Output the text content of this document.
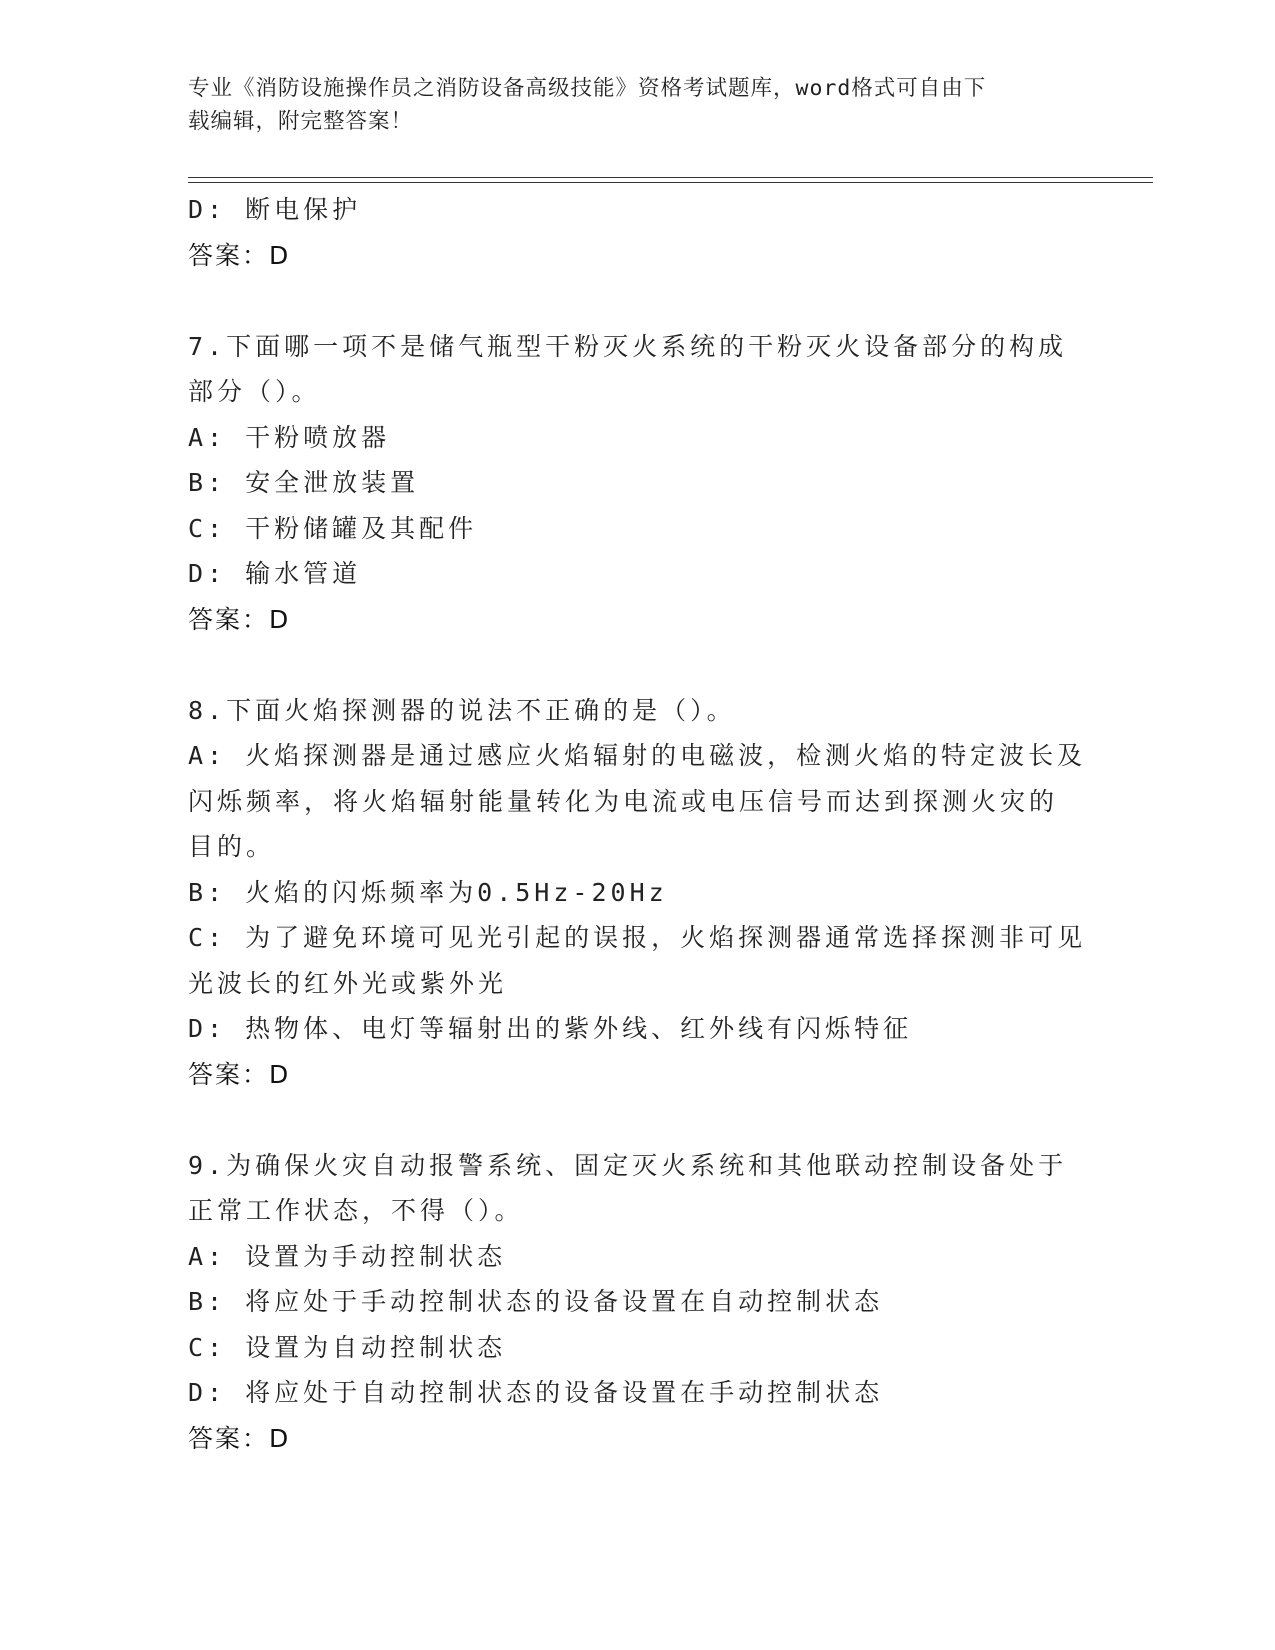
专业《消防设施操作员之消防设备高级技能》资格考试题库，word格式可自由下
载编辑，附完整答案！
D: 断电保护
答案：D
7.下面哪一项不是储气瓶型干粉灭火系统的干粉灭火设备部分的构成
部分（）。
A: 干粉喷放器
B: 安全泄放装置
C: 干粉储罐及其配件
D: 输水管道
答案：D
8.下面火焰探测器的说法不正确的是（）。
A: 火焰探测器是通过感应火焰辐射的电磁波，检测火焰的特定波长及
闪烁频率，将火焰辐射能量转化为电流或电压信号而达到探测火灾的
目的。
B: 火焰的闪烁频率为0.5Hz-20Hz
C: 为了避免环境可见光引起的误报，火焰探测器通常选择探测非可见
光波长的红外光或紫外光
D: 热物体、电灯等辐射出的紫外线、红外线有闪烁特征
答案：D
9.为确保火灾自动报警系统、固定灭火系统和其他联动控制设备处于
正常工作状态，不得（）。
A: 设置为手动控制状态
B: 将应处于手动控制状态的设备设置在自动控制状态
C: 设置为自动控制状态
D: 将应处于自动控制状态的设备设置在手动控制状态
答案：D
